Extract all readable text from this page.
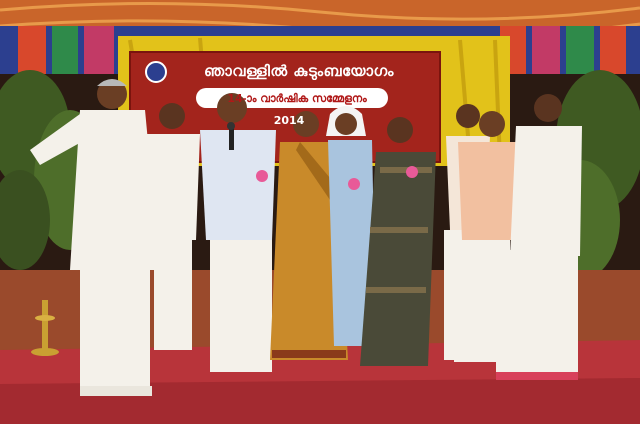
ഞാവള്ളിൽ കുടുംബയോഗം
14-ാം വാർഷിക സമ്മേളനം
2014
